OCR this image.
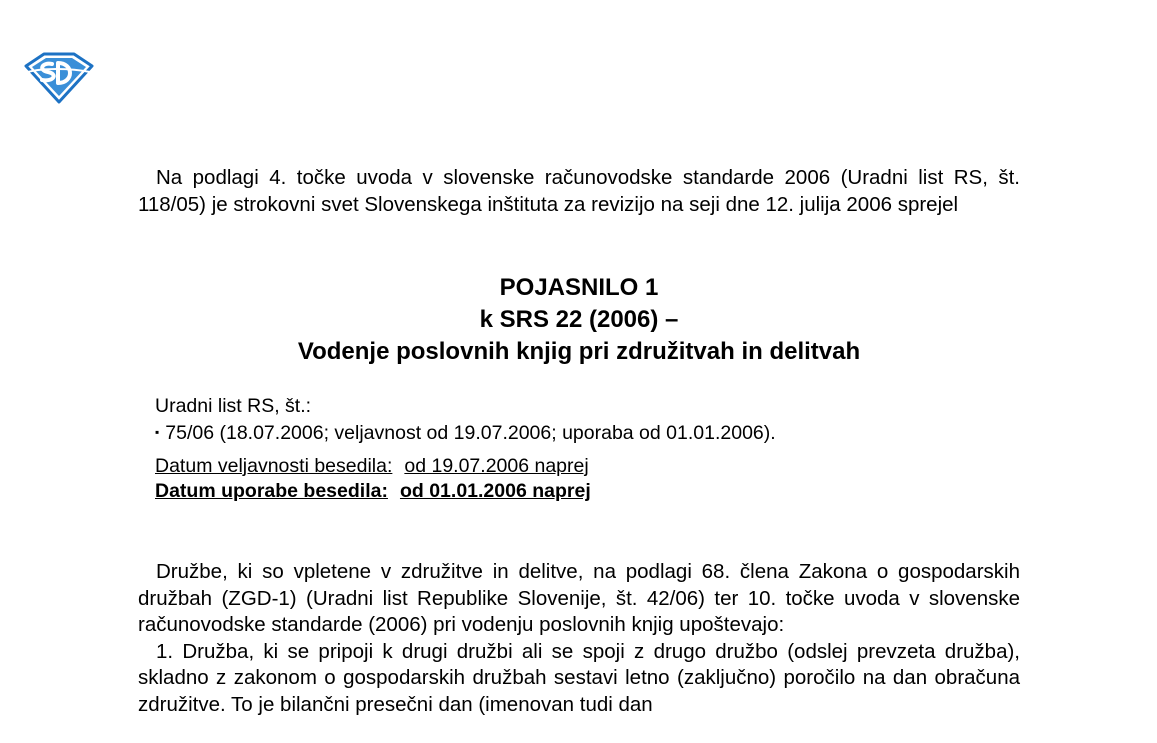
Na podlagi 4. točke uvoda v slovenske računovodske standarde 2006 (Uradni list RS, št. 118/05) je strokovni svet Slovenskega inštituta za revizijo na seji dne 12. julija 2006 sprejel

POJASNILO 1
k SRS 22 (2006) –
Vodenje poslovnih knjig pri združitvah in delitvah
Uradni list RS, št.:
▪ 75/06 (18.07.2006; veljavnost od 19.07.2006; uporaba od 01.01.2006).
Datum veljavnosti besedila: od 19.07.2006 naprej
Datum uporabe besedila: od 01.01.2006 naprej

Družbe, ki so vpletene v združitve in delitve, na podlagi 68. člena Zakona o gospodarskih družbah (ZGD-1) (Uradni list Republike Slovenije, št. 42/06) ter 10. točke uvoda v slovenske računovodske standarde (2006) pri vodenju poslovnih knjig upoštevajo:

1. Družba, ki se pripoji k drugi družbi ali se spoji z drugo družbo (odslej prevzeta družba), skladno z zakonom o gospodarskih družbah sestavi letno (zaključno) poročilo na dan obračuna združitve. To je bilančni presečni dan (imenovan tudi dan
